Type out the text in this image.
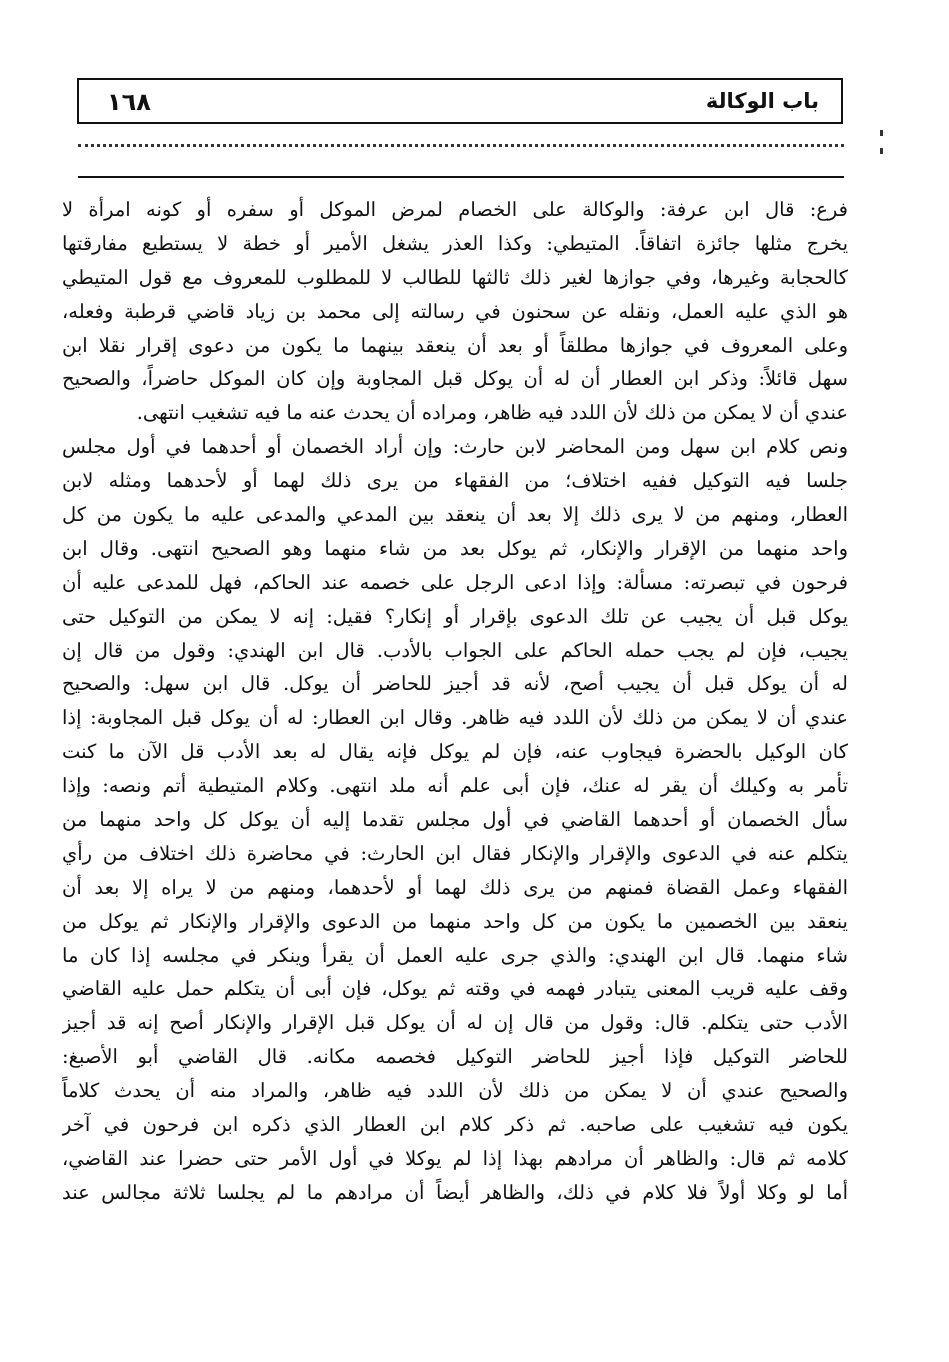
١٦٨	باب الوكالة
فرع: قال ابن عرفة: والوكالة على الخصام لمرض الموكل أو سفره أو كونه امرأة لا
يخرج مثلها جائزة اتفاقاً. المتيطي: وكذا العذر يشغل الأمير أو خطة لا يستطيع مفارقتها
كالحجابة وغيرها، وفي جوازها لغير ذلك ثالثها للطالب لا للمطلوب للمعروف مع قول المتيطي
هو الذي عليه العمل، ونقله عن سحنون في رسالته إلى محمد بن زياد قاضي قرطبة وفعله،
وعلى المعروف في جوازها مطلقاً أو بعد أن ينعقد بينهما ما يكون من دعوى إقرار نقلا ابن
سهل قائلاً: وذكر ابن العطار أن له أن يوكل قبل المجاوبة وإن كان الموكل حاضراً، والصحيح
عندي أن لا يمكن من ذلك لأن اللدد فيه ظاهر، ومراده أن يحدث عنه ما فيه تشغيب انتهى.
ونص كلام ابن سهل ومن المحاضر لابن حارث: وإن أراد الخصمان أو أحدهما في أول مجلس
جلسا فيه التوكيل ففيه اختلاف؛ من الفقهاء من يرى ذلك لهما أو لأحدهما ومثله لابن
العطار، ومنهم من لا يرى ذلك إلا بعد أن ينعقد بين المدعي والمدعى عليه ما يكون من كل
واحد منهما من الإقرار والإنكار، ثم يوكل بعد من شاء منهما وهو الصحيح انتهى. وقال ابن
فرحون في تبصرته: مسألة: وإذا ادعى الرجل على خصمه عند الحاكم، فهل للمدعى عليه أن
يوكل قبل أن يجيب عن تلك الدعوى بإقرار أو إنكار؟ فقيل: إنه لا يمكن من التوكيل حتى
يجيب، فإن لم يجب حمله الحاكم على الجواب بالأدب. قال ابن الهندي: وقول من قال إن
له أن يوكل قبل أن يجيب أصح، لأنه قد أجيز للحاضر أن يوكل. قال ابن سهل: والصحيح
عندي أن لا يمكن من ذلك لأن اللدد فيه ظاهر. وقال ابن العطار: له أن يوكل قبل المجاوبة: إذا
كان الوكيل بالحضرة فيجاوب عنه، فإن لم يوكل فإنه يقال له بعد الأدب قل الآن ما كنت
تأمر به وكيلك أن يقر له عنك، فإن أبى علم أنه ملد انتهى. وكلام المتيطية أتم ونصه: وإذا
سأل الخصمان أو أحدهما القاضي في أول مجلس تقدما إليه أن يوكل كل واحد منهما من
يتكلم عنه في الدعوى والإقرار والإنكار فقال ابن الحارث: في محاضرة ذلك اختلاف من رأي
الفقهاء وعمل القضاة فمنهم من يرى ذلك لهما أو لأحدهما، ومنهم من لا يراه إلا بعد أن
ينعقد بين الخصمين ما يكون من كل واحد منهما من الدعوى والإقرار والإنكار ثم يوكل من
شاء منهما. قال ابن الهندي: والذي جرى عليه العمل أن يقرأ وينكر في مجلسه إذا كان ما
وقف عليه قريب المعنى يتبادر فهمه في وقته ثم يوكل، فإن أبى أن يتكلم حمل عليه القاضي
الأدب حتى يتكلم. قال: وقول من قال إن له أن يوكل قبل الإقرار والإنكار أصح إنه قد أجيز
للحاضر التوكيل فإذا أجيز للحاضر التوكيل فخصمه مكانه. قال القاضي أبو الأصبغ:
والصحيح عندي أن لا يمكن من ذلك لأن اللدد فيه ظاهر، والمراد منه أن يحدث كلاماً
يكون فيه تشغيب على صاحبه. ثم ذكر كلام ابن العطار الذي ذكره ابن فرحون في آخر
كلامه ثم قال: والظاهر أن مرادهم بهذا إذا لم يوكلا في أول الأمر حتى حضرا عند القاضي،
أما لو وكلا أولاً فلا كلام في ذلك، والظاهر أيضاً أن مرادهم ما لم يجلسا ثلاثة مجالس عند
